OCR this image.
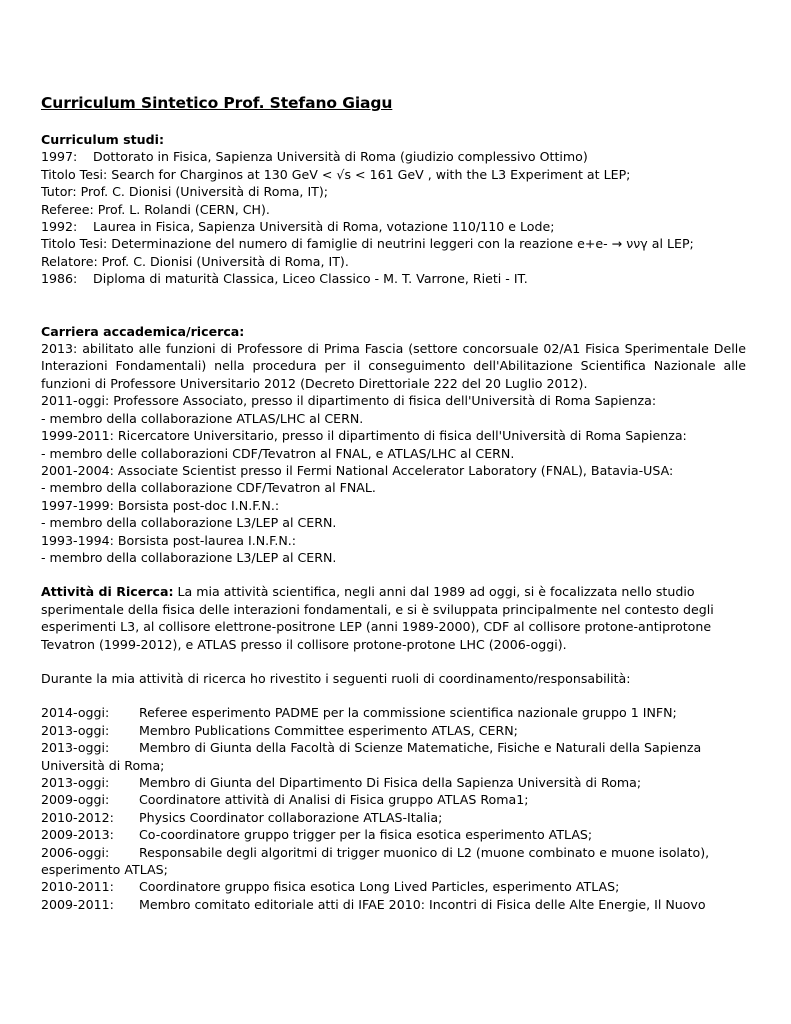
Curriculum Sintetico Prof. Stefano Giagu

Curriculum studi:

1997: Dottorato in Fisica, Sapienza Università di Roma (giudizio complessivo Ottimo)

Titolo Tesi: Search for Charginos at 130 GeV < √s < 161 GeV , with the L3 Experiment at LEP;

Tutor: Prof. C. Dionisi (Università di Roma, IT);

Referee: Prof. L. Rolandi (CERN, CH).

1992: Laurea in Fisica, Sapienza Università di Roma, votazione 110/110 e Lode;

Titolo Tesi: Determinazione del numero di famiglie di neutrini leggeri con la reazione e+e- → ννγ al LEP;

Relatore: Prof. C. Dionisi (Università di Roma, IT).

1986: Diploma di maturità Classica, Liceo Classico - M. T. Varrone, Rieti - IT.

Carriera accademica/ricerca:

2013: abilitato alle funzioni di Professore di Prima Fascia (settore concorsuale 02/A1 Fisica Sperimentale Delle Interazioni Fondamentali) nella procedura per il conseguimento dell'Abilitazione Scientifica Nazionale alle funzioni di Professore Universitario 2012 (Decreto Direttoriale 222 del 20 Luglio 2012).

2011-oggi: Professore Associato, presso il dipartimento di fisica dell'Università di Roma Sapienza:

- membro della collaborazione ATLAS/LHC al CERN.

1999-2011: Ricercatore Universitario, presso il dipartimento di fisica dell'Università di Roma Sapienza:

- membro delle collaborazioni CDF/Tevatron al FNAL, e ATLAS/LHC al CERN.

2001-2004: Associate Scientist presso il Fermi National Accelerator Laboratory (FNAL), Batavia-USA:

- membro della collaborazione CDF/Tevatron al FNAL.

1997-1999: Borsista post-doc I.N.F.N.:

- membro della collaborazione L3/LEP al CERN.

1993-1994: Borsista post-laurea I.N.F.N.:

- membro della collaborazione L3/LEP al CERN.

Attività di Ricerca: La mia attività scientifica, negli anni dal 1989 ad oggi, si è focalizzata nello studio sperimentale della fisica delle interazioni fondamentali, e si è sviluppata principalmente nel contesto degli esperimenti L3, al collisore elettrone-positrone LEP (anni 1989-2000), CDF al collisore protone-antiprotone Tevatron (1999-2012), e ATLAS presso il collisore protone-protone LHC (2006-oggi).

Durante la mia attività di ricerca ho rivestito i seguenti ruoli di coordinamento/responsabilità:

2014-oggi:	Referee esperimento PADME per la commissione scientifica nazionale gruppo 1 INFN;
2013-oggi:	Membro Publications Committee esperimento ATLAS, CERN;
2013-oggi:	Membro di Giunta della Facoltà di Scienze Matematiche, Fisiche e Naturali della Sapienza

Università di Roma;

2013-oggi:	Membro di Giunta del Dipartimento Di Fisica della Sapienza Università di Roma;
2009-oggi:	Coordinatore attività di Analisi di Fisica gruppo ATLAS Roma1;
2010-2012:	Physics Coordinator collaborazione ATLAS-Italia;
2009-2013:	Co-coordinatore gruppo trigger per la fisica esotica esperimento ATLAS;
2006-oggi:	Responsabile degli algoritmi di trigger muonico di L2 (muone combinato e muone isolato),

esperimento ATLAS;

2010-2011:	Coordinatore gruppo fisica esotica Long Lived Particles, esperimento ATLAS;
2009-2011:	Membro comitato editoriale atti di IFAE 2010: Incontri di Fisica delle Alte Energie, Il Nuovo
